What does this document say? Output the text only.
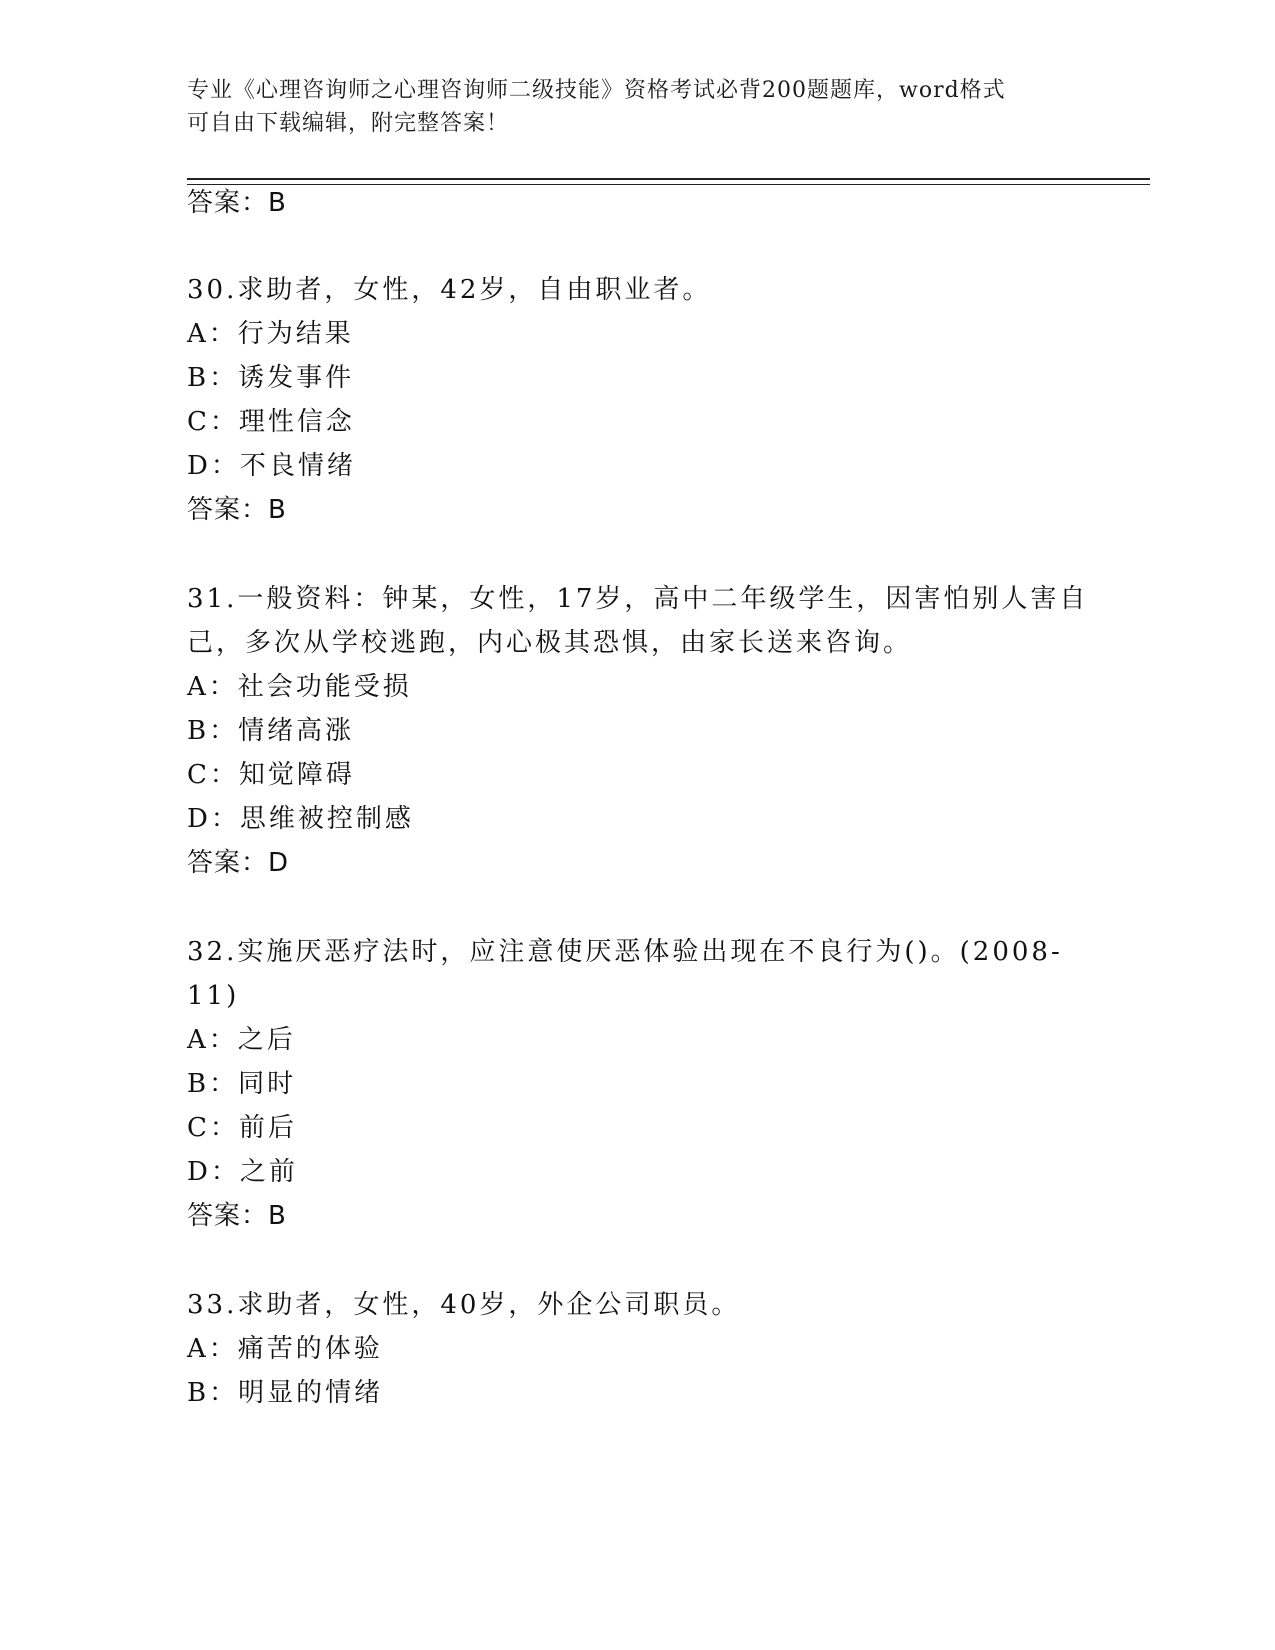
专业《心理咨询师之心理咨询师二级技能》资格考试必背200题题库，word格式
可自由下载编辑，附完整答案！
答案：B
30.求助者，女性，42岁，自由职业者。
A：行为结果
B：诱发事件
C：理性信念
D：不良情绪
答案：B
31.一般资料：钟某，女性，17岁，高中二年级学生，因害怕别人害自
己，多次从学校逃跑，内心极其恐惧，由家长送来咨询。
A：社会功能受损
B：情绪高涨
C：知觉障碍
D：思维被控制感
答案：D
32.实施厌恶疗法时，应注意使厌恶体验出现在不良行为()。(2008-
11)
A：之后
B：同时
C：前后
D：之前
答案：B
33.求助者，女性，40岁，外企公司职员。
A：痛苦的体验
B：明显的情绪
